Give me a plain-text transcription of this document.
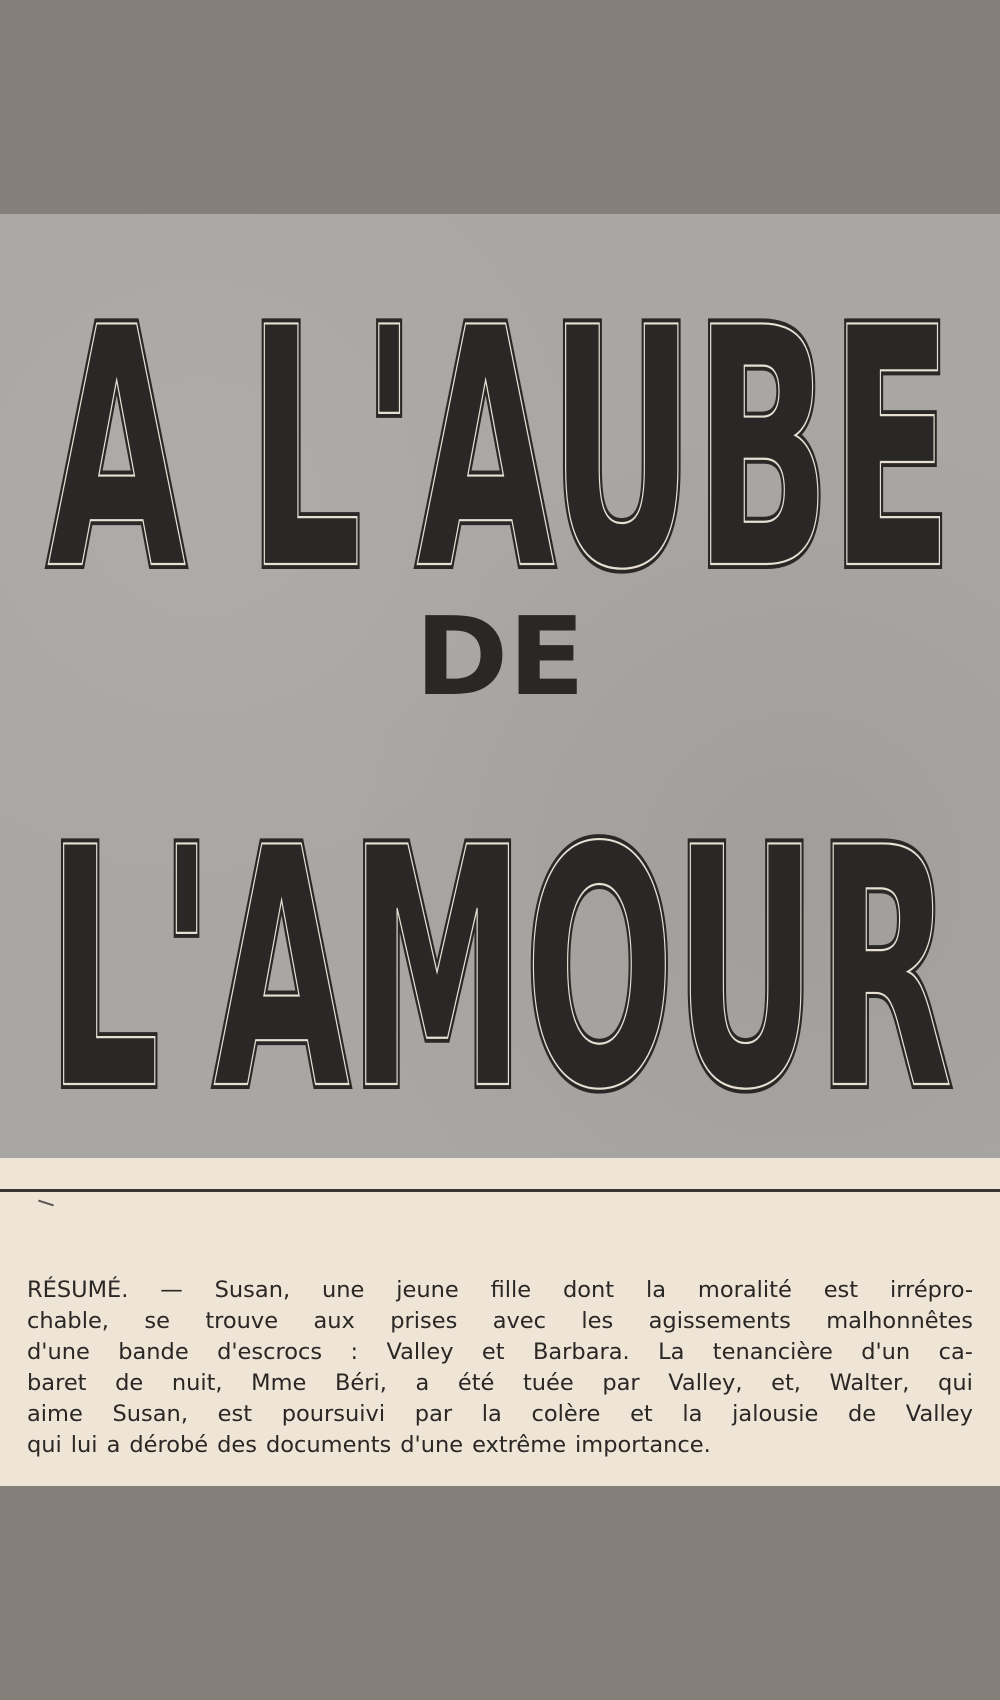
A L'AUBE
A L'AUBE
DE
L'AMOUR
L'AMOUR
RÉSUMÉ. — Susan, une jeune fille dont la moralité est irrépro-
chable, se trouve aux prises avec les agissements malhonnêtes
d'une bande d'escrocs : Valley et Barbara. La tenancière d'un ca-
baret de nuit, Mme Béri, a été tuée par Valley, et, Walter, qui
aime Susan, est poursuivi par la colère et la jalousie de Valley
qui lui a dérobé des documents d'une extrême importance.
